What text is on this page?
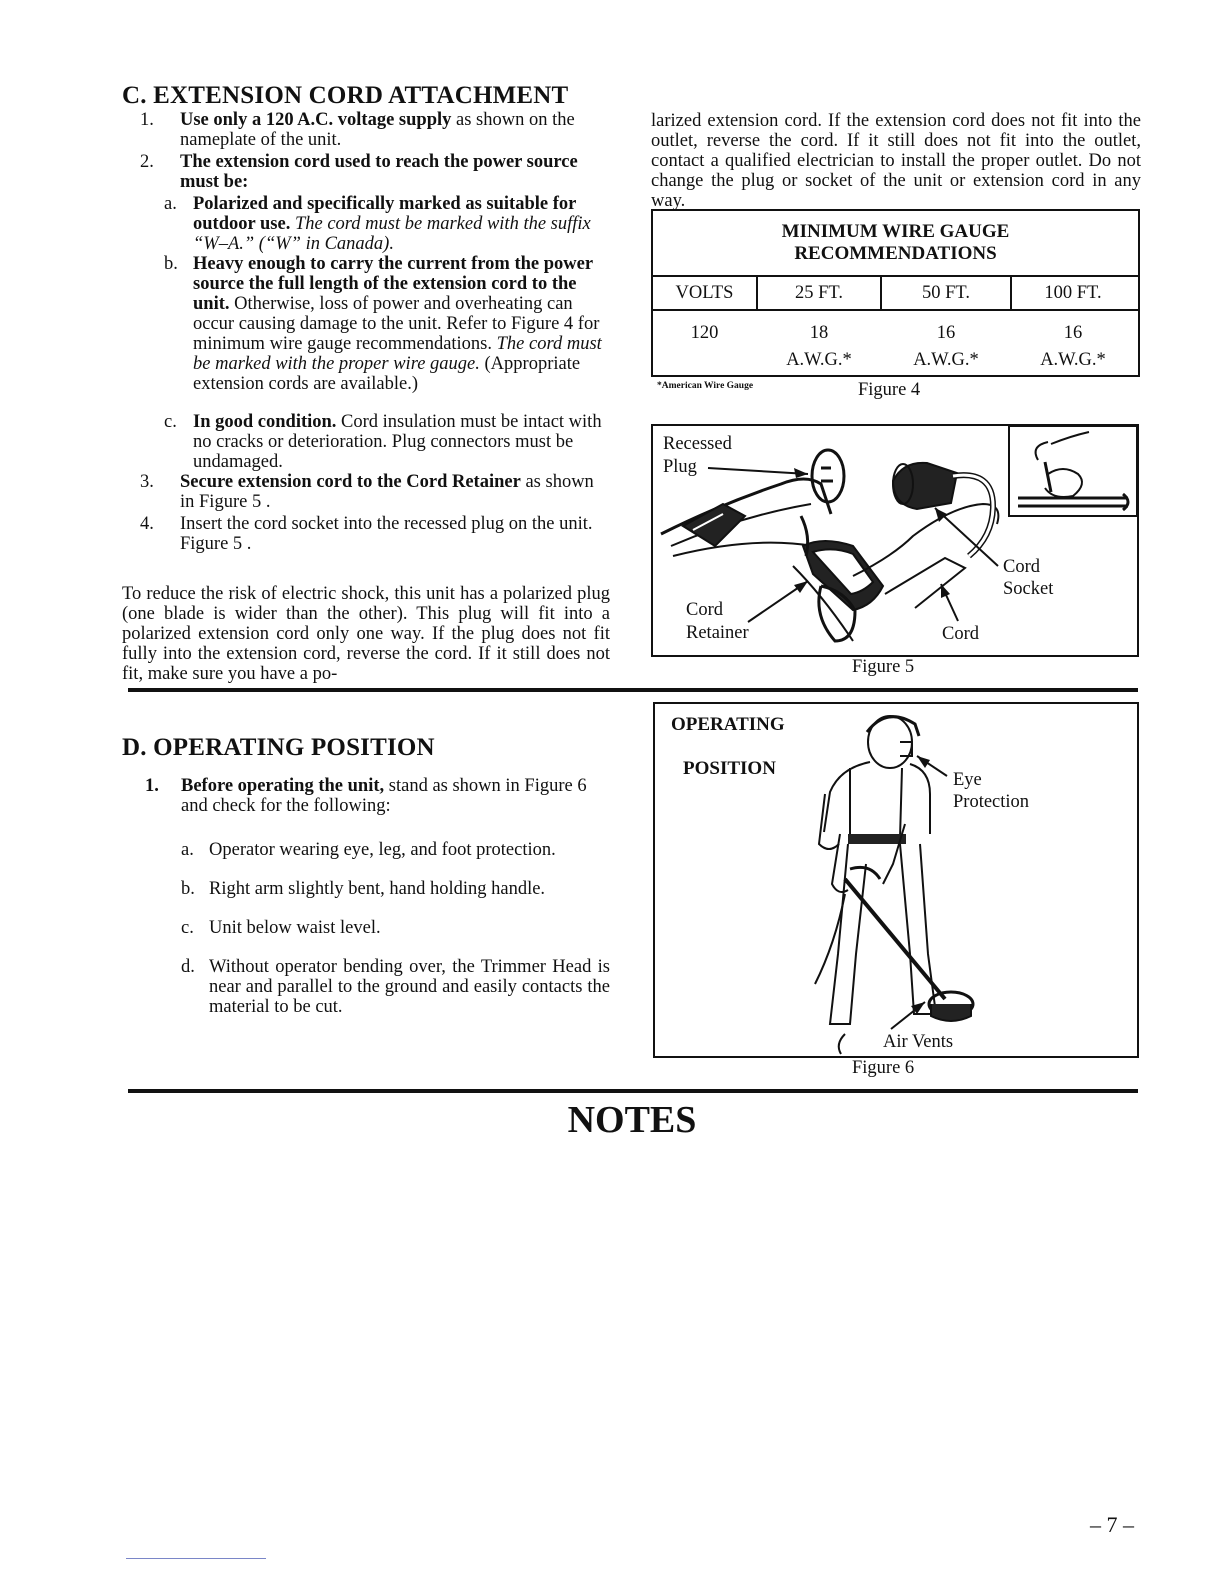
C. EXTENSION CORD ATTACHMENT
1.	Use only a 120 A.C. voltage supply as shown on the nameplate of the unit.
2.	The extension cord used to reach the power source must be:
a. Polarized and specifically marked as suitable for outdoor use. The cord must be marked with the suffix “W–A.” (“W” in Canada).
b. Heavy enough to carry the current from the power source the full length of the extension cord to the unit. Otherwise, loss of power and overheating can occur causing damage to the unit. Refer to Figure 4 for minimum wire gauge recommendations. The cord must be marked with the proper wire gauge. (Appropriate extension cords are available.)
c. In good condition. Cord insulation must be intact with no cracks or deterioration. Plug connectors must be undamaged.
3.	Secure extension cord to the Cord Retainer as shown in Figure 5 .
4.	Insert the cord socket into the recessed plug on the unit. Figure 5 .
To reduce the risk of electric shock, this unit has a polarized plug (one blade is wider than the other). This plug will fit into a polarized extension cord only one way. If the plug does not fit fully into the extension cord, reverse the cord. If it still does not fit, make sure you have a po-
larized extension cord. If the extension cord does not fit into the outlet, reverse the cord. If it still does not fit into the outlet, contact a qualified electrician to install the proper outlet. Do not change the plug or socket of the unit or extension cord in any way.
MINIMUM WIRE GAUGE
RECOMMENDATIONS
VOLTS	25 FT.	50 FT.	100 FT.
120	18	16	16
A.W.G.*	A.W.G.*	A.W.G.*
*American Wire Gauge	Figure 4
Recessed
Plug
Cord
Socket
Cord
Retainer	Cord
Figure 5
D. OPERATING POSITION
1.	Before operating the unit, stand as shown in Figure 6 and check for the following:
a. Operator wearing eye, leg, and foot protection.
b. Right arm slightly bent, hand holding handle.
c. Unit below waist level.
d. Without operator bending over, the Trimmer Head is near and parallel to the ground and easily contacts the material to be cut.
OPERATING
POSITION
Eye
Protection
Air Vents
Figure 6
NOTES
– 7 –
